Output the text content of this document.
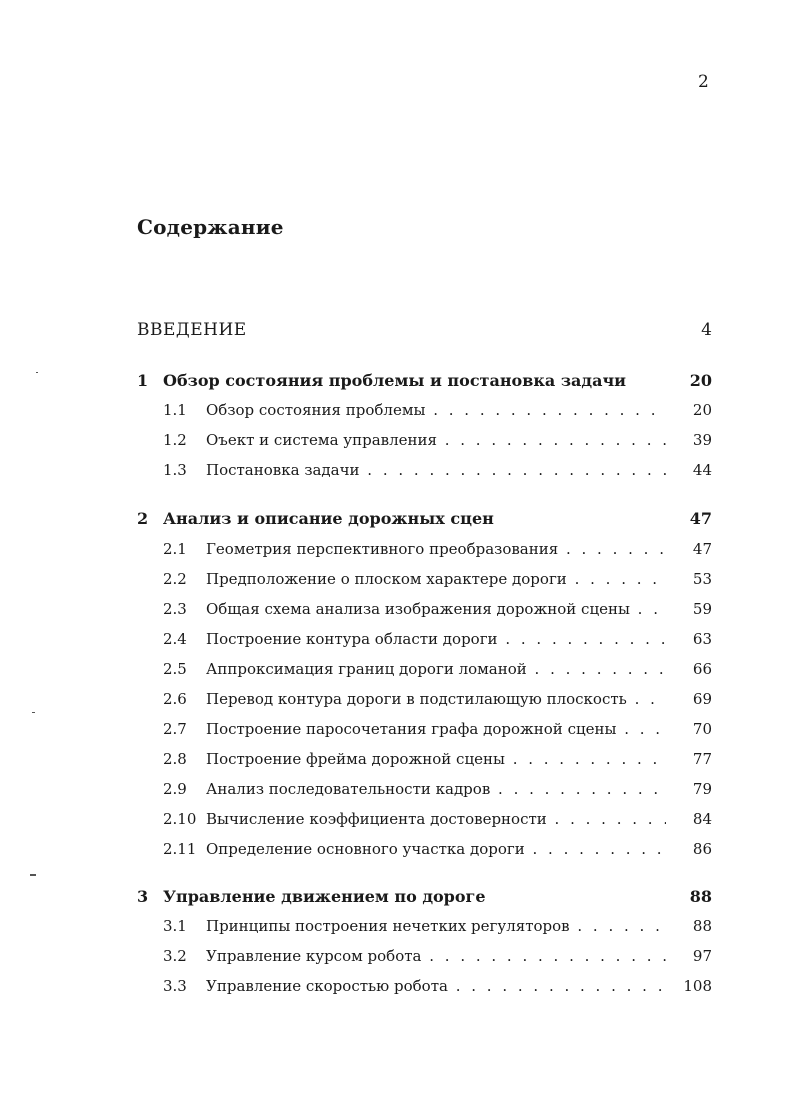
2
Содержание
ВВЕДЕНИЕ	4
1 Обзор состояния проблемы и постановка задачи	20
1.1 Обзор состояния проблемы . . .	20
1.2 Оъект и система управления . . .	39
1.3 Постановка задачи . . .	44
2 Анализ и описание дорожных сцен	47
2.1 Геометрия перспективного преобразования . . .	47
2.2 Предположение о плоском характере дороги . . .	53
2.3 Общая схема анализа изображения дорожной сцены . . .	59
2.4 Построение контура области дороги . . .	63
2.5 Аппроксимация границ дороги ломаной . . .	66
2.6 Перевод контура дороги в подстилающую плоскость . . .	69
2.7 Построение паросочетания графа дорожной сцены . . .	70
2.8 Построение фрейма дорожной сцены . . .	77
2.9 Анализ последовательности кадров . . .	79
2.10 Вычисление коэффициента достоверности . . .	84
2.11 Определение основного участка дороги . . .	86
3 Управление движением по дороге	88
3.1 Принципы построения нечетких регуляторов . . .	88
3.2 Управление курсом робота . . .	97
3.3 Управление скоростью робота . . .	108
